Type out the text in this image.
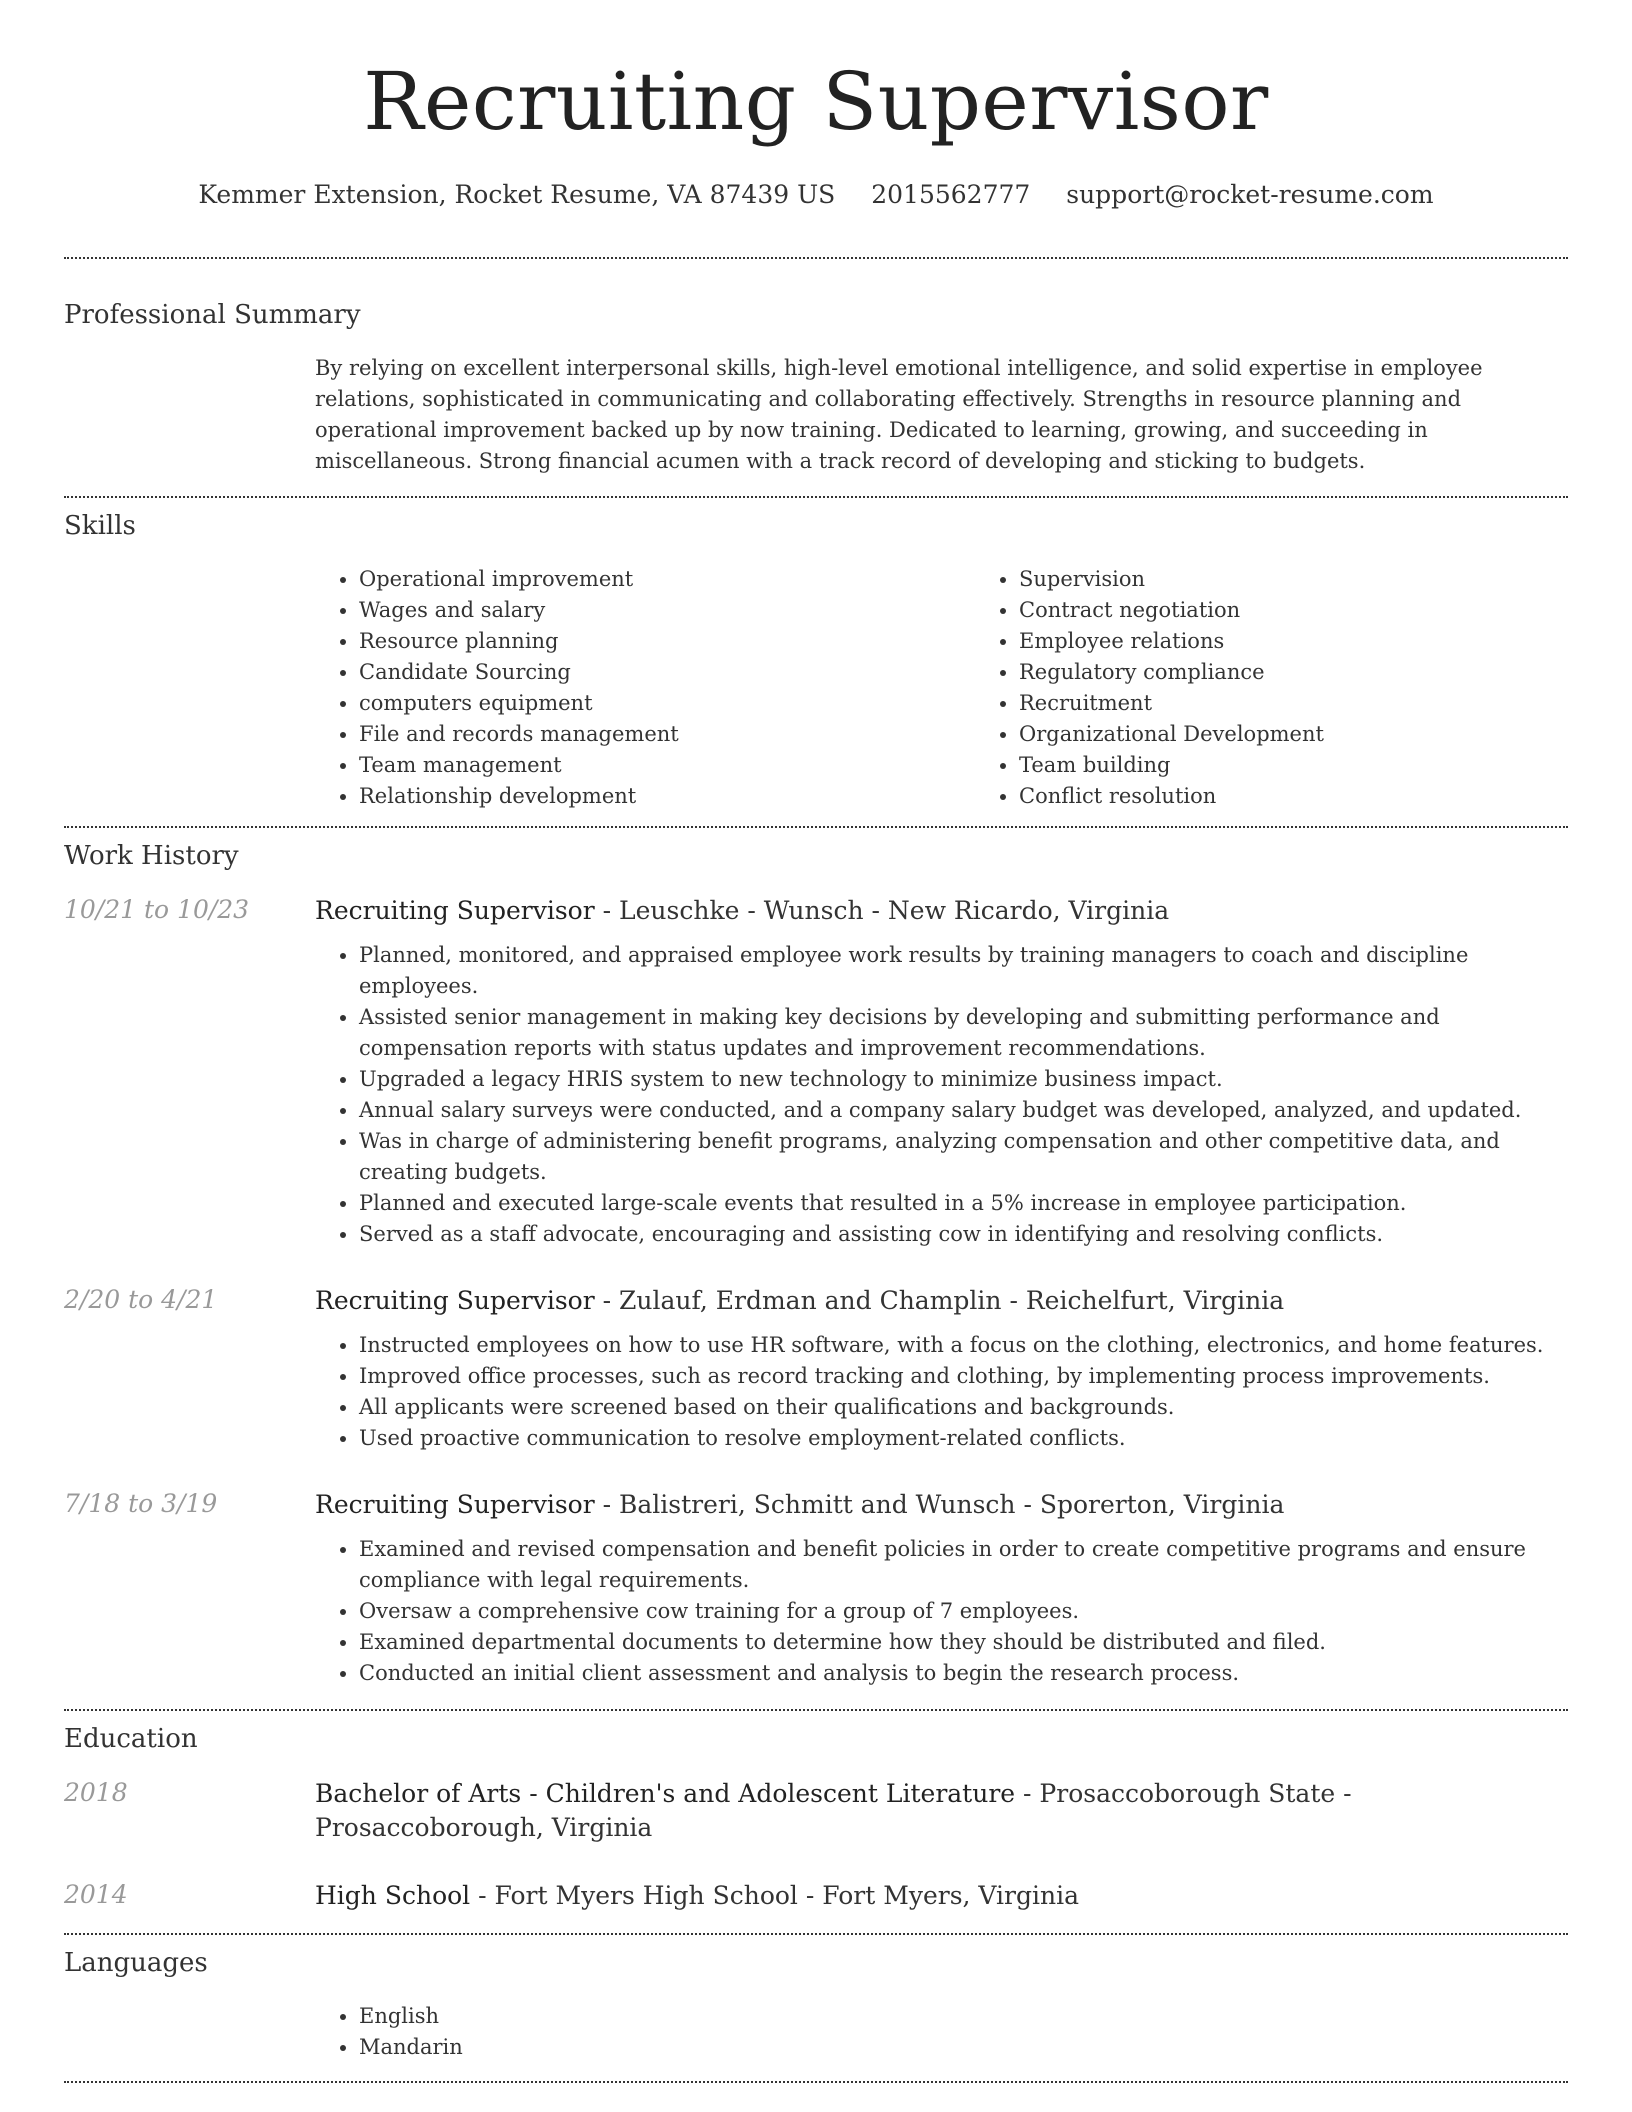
Recruiting Supervisor
Kemmer Extension, Rocket Resume, VA 87439 US 2015562777 support@rocket-resume.com
Professional Summary

By relying on excellent interpersonal skills, high-level emotional intelligence, and solid expertise in employee relations, sophisticated in communicating and collaborating effectively. Strengths in resource planning and operational improvement backed up by now training. Dedicated to learning, growing, and succeeding in miscellaneous. Strong financial acumen with a track record of developing and sticking to budgets.

Skills
• Operational improvement
• Wages and salary
• Resource planning
• Candidate Sourcing
• computers equipment
• File and records management
• Team management
• Relationship development
• Supervision
• Contract negotiation
• Employee relations
• Regulatory compliance
• Recruitment
• Organizational Development
• Team building
• Conflict resolution
Work History
10/21 to 10/23	Recruiting Supervisor - Leuschke - Wunsch - New Ricardo, Virginia

• Planned, monitored, and appraised employee work results by training managers to coach and discipline employees.
• Assisted senior management in making key decisions by developing and submitting performance and compensation reports with status updates and improvement recommendations.
• Upgraded a legacy HRIS system to new technology to minimize business impact.
• Annual salary surveys were conducted, and a company salary budget was developed, analyzed, and updated.
• Was in charge of administering benefit programs, analyzing compensation and other competitive data, and creating budgets.
• Planned and executed large-scale events that resulted in a 5% increase in employee participation.
• Served as a staff advocate, encouraging and assisting cow in identifying and resolving conflicts.
2/20 to 4/21	Recruiting Supervisor - Zulauf, Erdman and Champlin - Reichelfurt, Virginia

• Instructed employees on how to use HR software, with a focus on the clothing, electronics, and home features.
• Improved office processes, such as record tracking and clothing, by implementing process improvements.
• All applicants were screened based on their qualifications and backgrounds.
• Used proactive communication to resolve employment-related conflicts.
7/18 to 3/19	Recruiting Supervisor - Balistreri, Schmitt and Wunsch - Sporerton, Virginia

• Examined and revised compensation and benefit policies in order to create competitive programs and ensure compliance with legal requirements.
• Oversaw a comprehensive cow training for a group of 7 employees.
• Examined departmental documents to determine how they should be distributed and filed.
• Conducted an initial client assessment and analysis to begin the research process.
Education
2018	Bachelor of Arts - Children's and Adolescent Literature - Prosaccoborough State - Prosaccoborough, Virginia

2014	High School - Fort Myers High School - Fort Myers, Virginia

Languages
• English
• Mandarin
